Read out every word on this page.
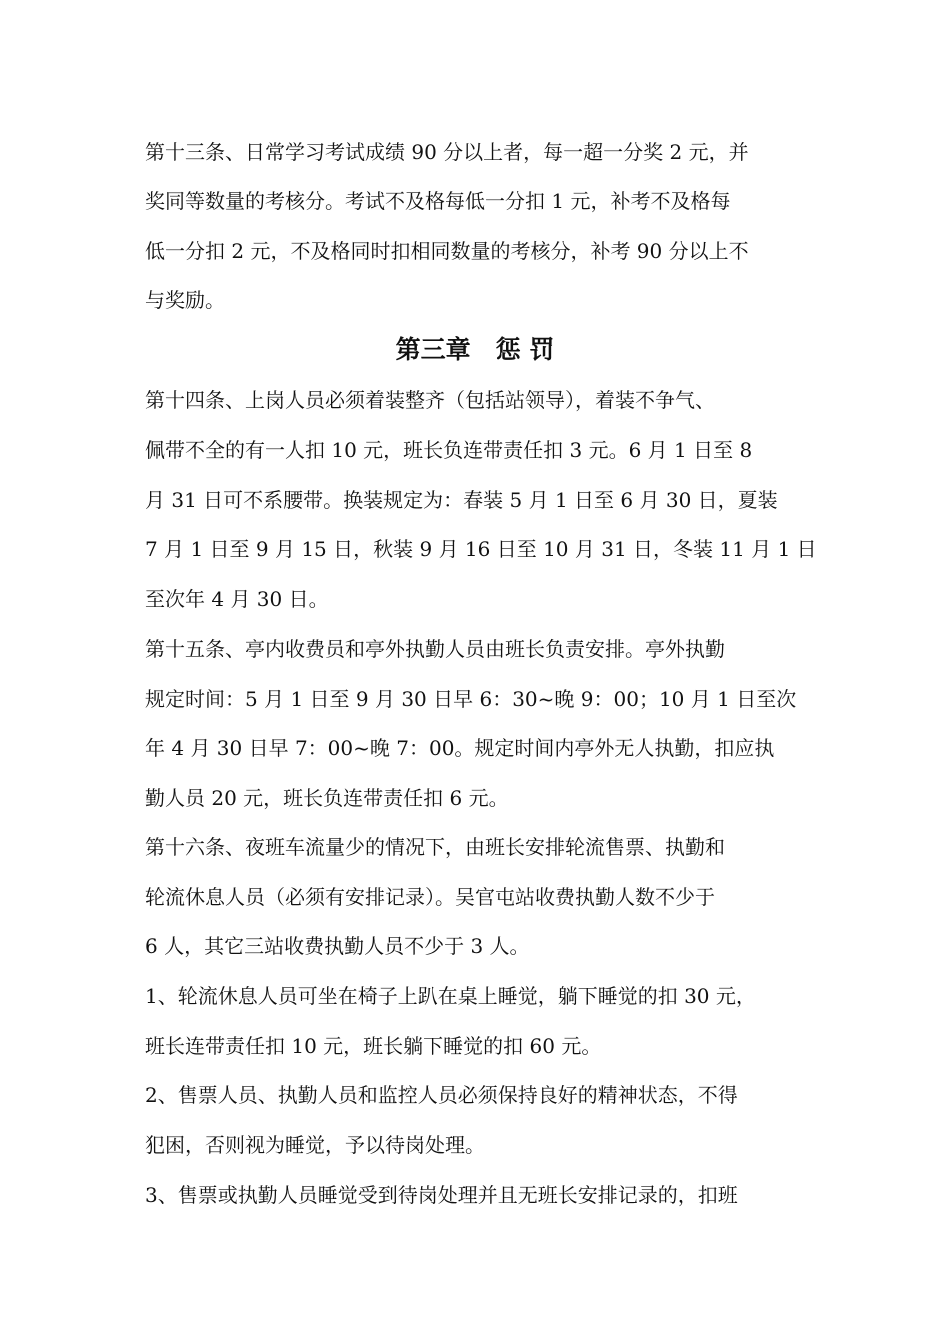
第十三条、日常学习考试成绩 90 分以上者，每一超一分奖 2 元，并
奖同等数量的考核分。考试不及格每低一分扣 1 元，补考不及格每
低一分扣 2 元，不及格同时扣相同数量的考核分，补考 90 分以上不
与奖励。
第三章　惩 罚
第十四条、上岗人员必须着装整齐（包括站领导），着装不争气、
佩带不全的有一人扣 10 元，班长负连带责任扣 3 元。6 月 1 日至 8
月 31 日可不系腰带。换装规定为：春装 5 月 1 日至 6 月 30 日，夏装
7 月 1 日至 9 月 15 日，秋装 9 月 16 日至 10 月 31 日，冬装 11 月 1 日
至次年 4 月 30 日。
第十五条、亭内收费员和亭外执勤人员由班长负责安排。亭外执勤
规定时间：5 月 1 日至 9 月 30 日早 6：30~晚 9：00；10 月 1 日至次
年 4 月 30 日早 7：00~晚 7：00。规定时间内亭外无人执勤，扣应执
勤人员 20 元，班长负连带责任扣 6 元。
第十六条、夜班车流量少的情况下，由班长安排轮流售票、执勤和
轮流休息人员（必须有安排记录）。吴官屯站收费执勤人数不少于
6 人，其它三站收费执勤人员不少于 3 人。
1、轮流休息人员可坐在椅子上趴在桌上睡觉，躺下睡觉的扣 30 元，
班长连带责任扣 10 元，班长躺下睡觉的扣 60 元。
2、售票人员、执勤人员和监控人员必须保持良好的精神状态，不得
犯困，否则视为睡觉，予以待岗处理。
3、售票或执勤人员睡觉受到待岗处理并且无班长安排记录的，扣班
